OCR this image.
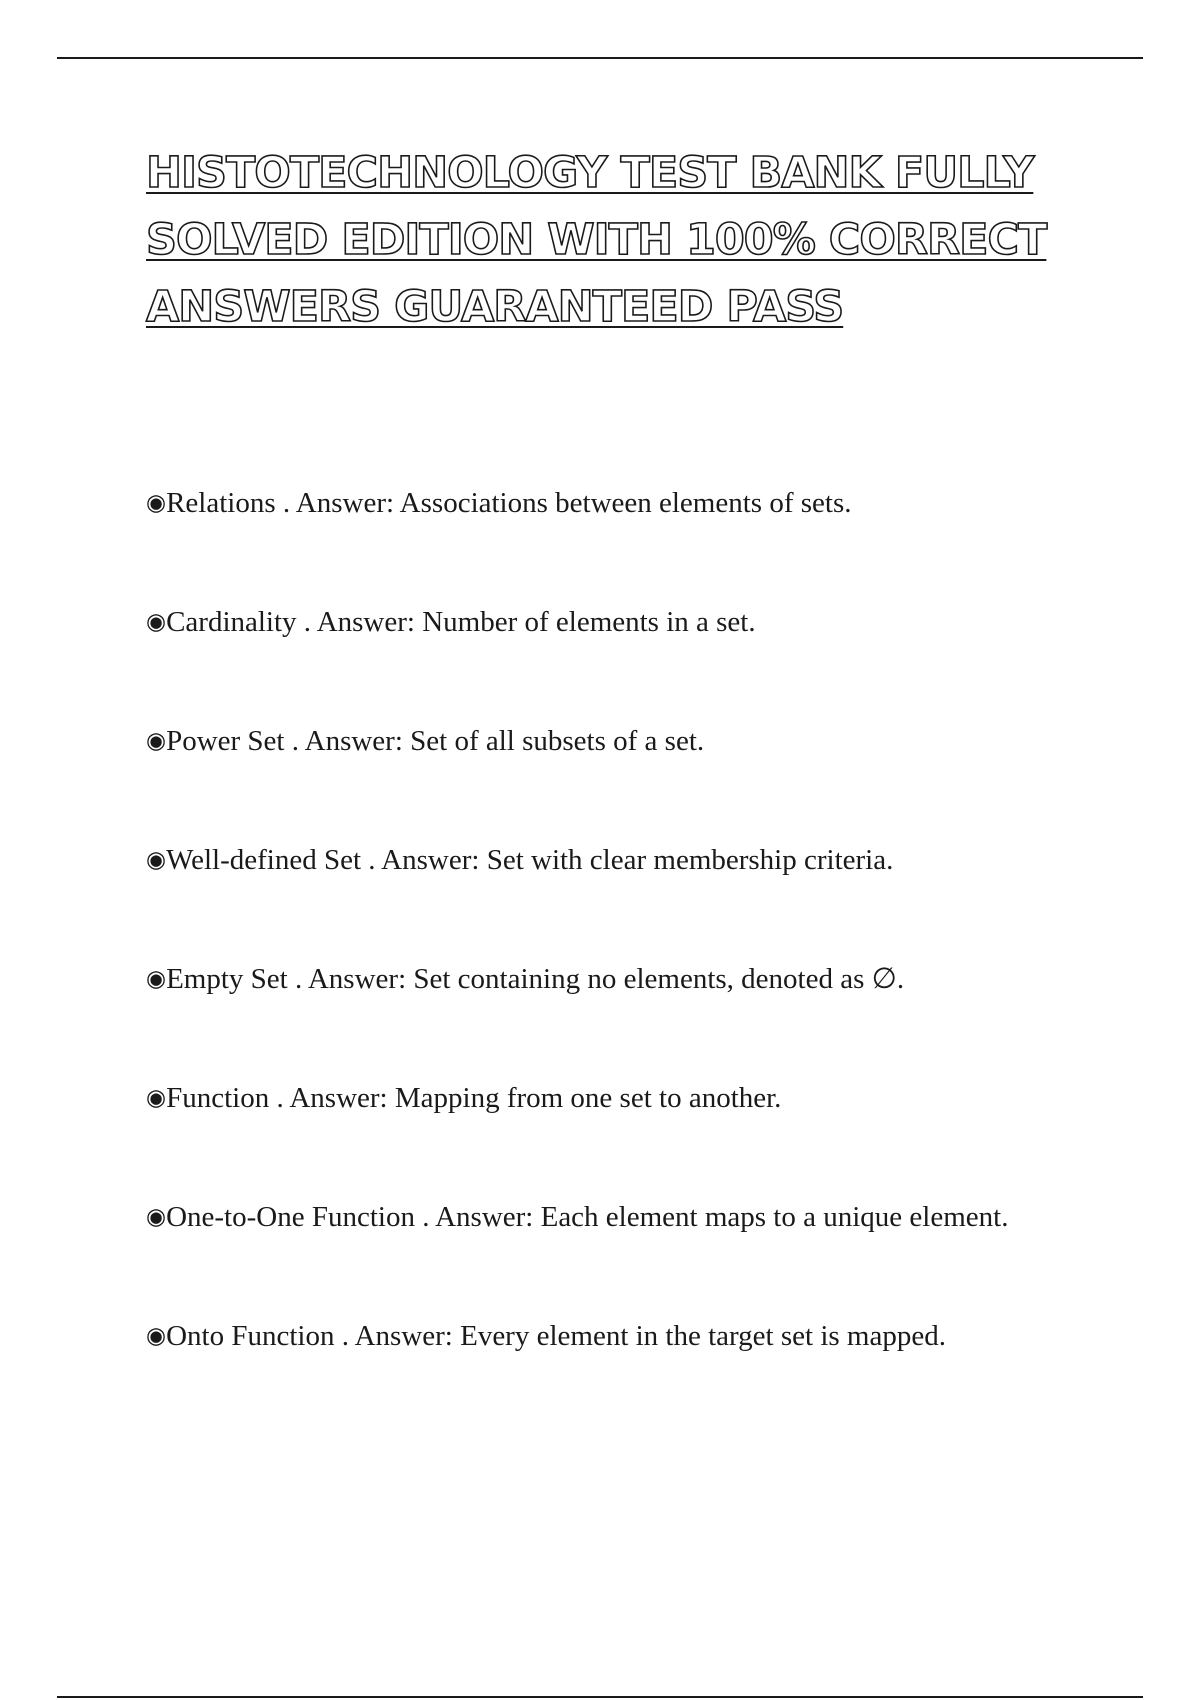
HISTOTECHNOLOGY TEST BANK FULLY
SOLVED EDITION WITH 100% CORRECT
ANSWERS GUARANTEED PASS
◉Relations . Answer: Associations between elements of sets.
◉Cardinality . Answer: Number of elements in a set.
◉Power Set . Answer: Set of all subsets of a set.
◉Well-defined Set . Answer: Set with clear membership criteria.
◉Empty Set . Answer: Set containing no elements, denoted as ∅.
◉Function . Answer: Mapping from one set to another.
◉One-to-One Function . Answer: Each element maps to a unique element.
◉Onto Function . Answer: Every element in the target set is mapped.
